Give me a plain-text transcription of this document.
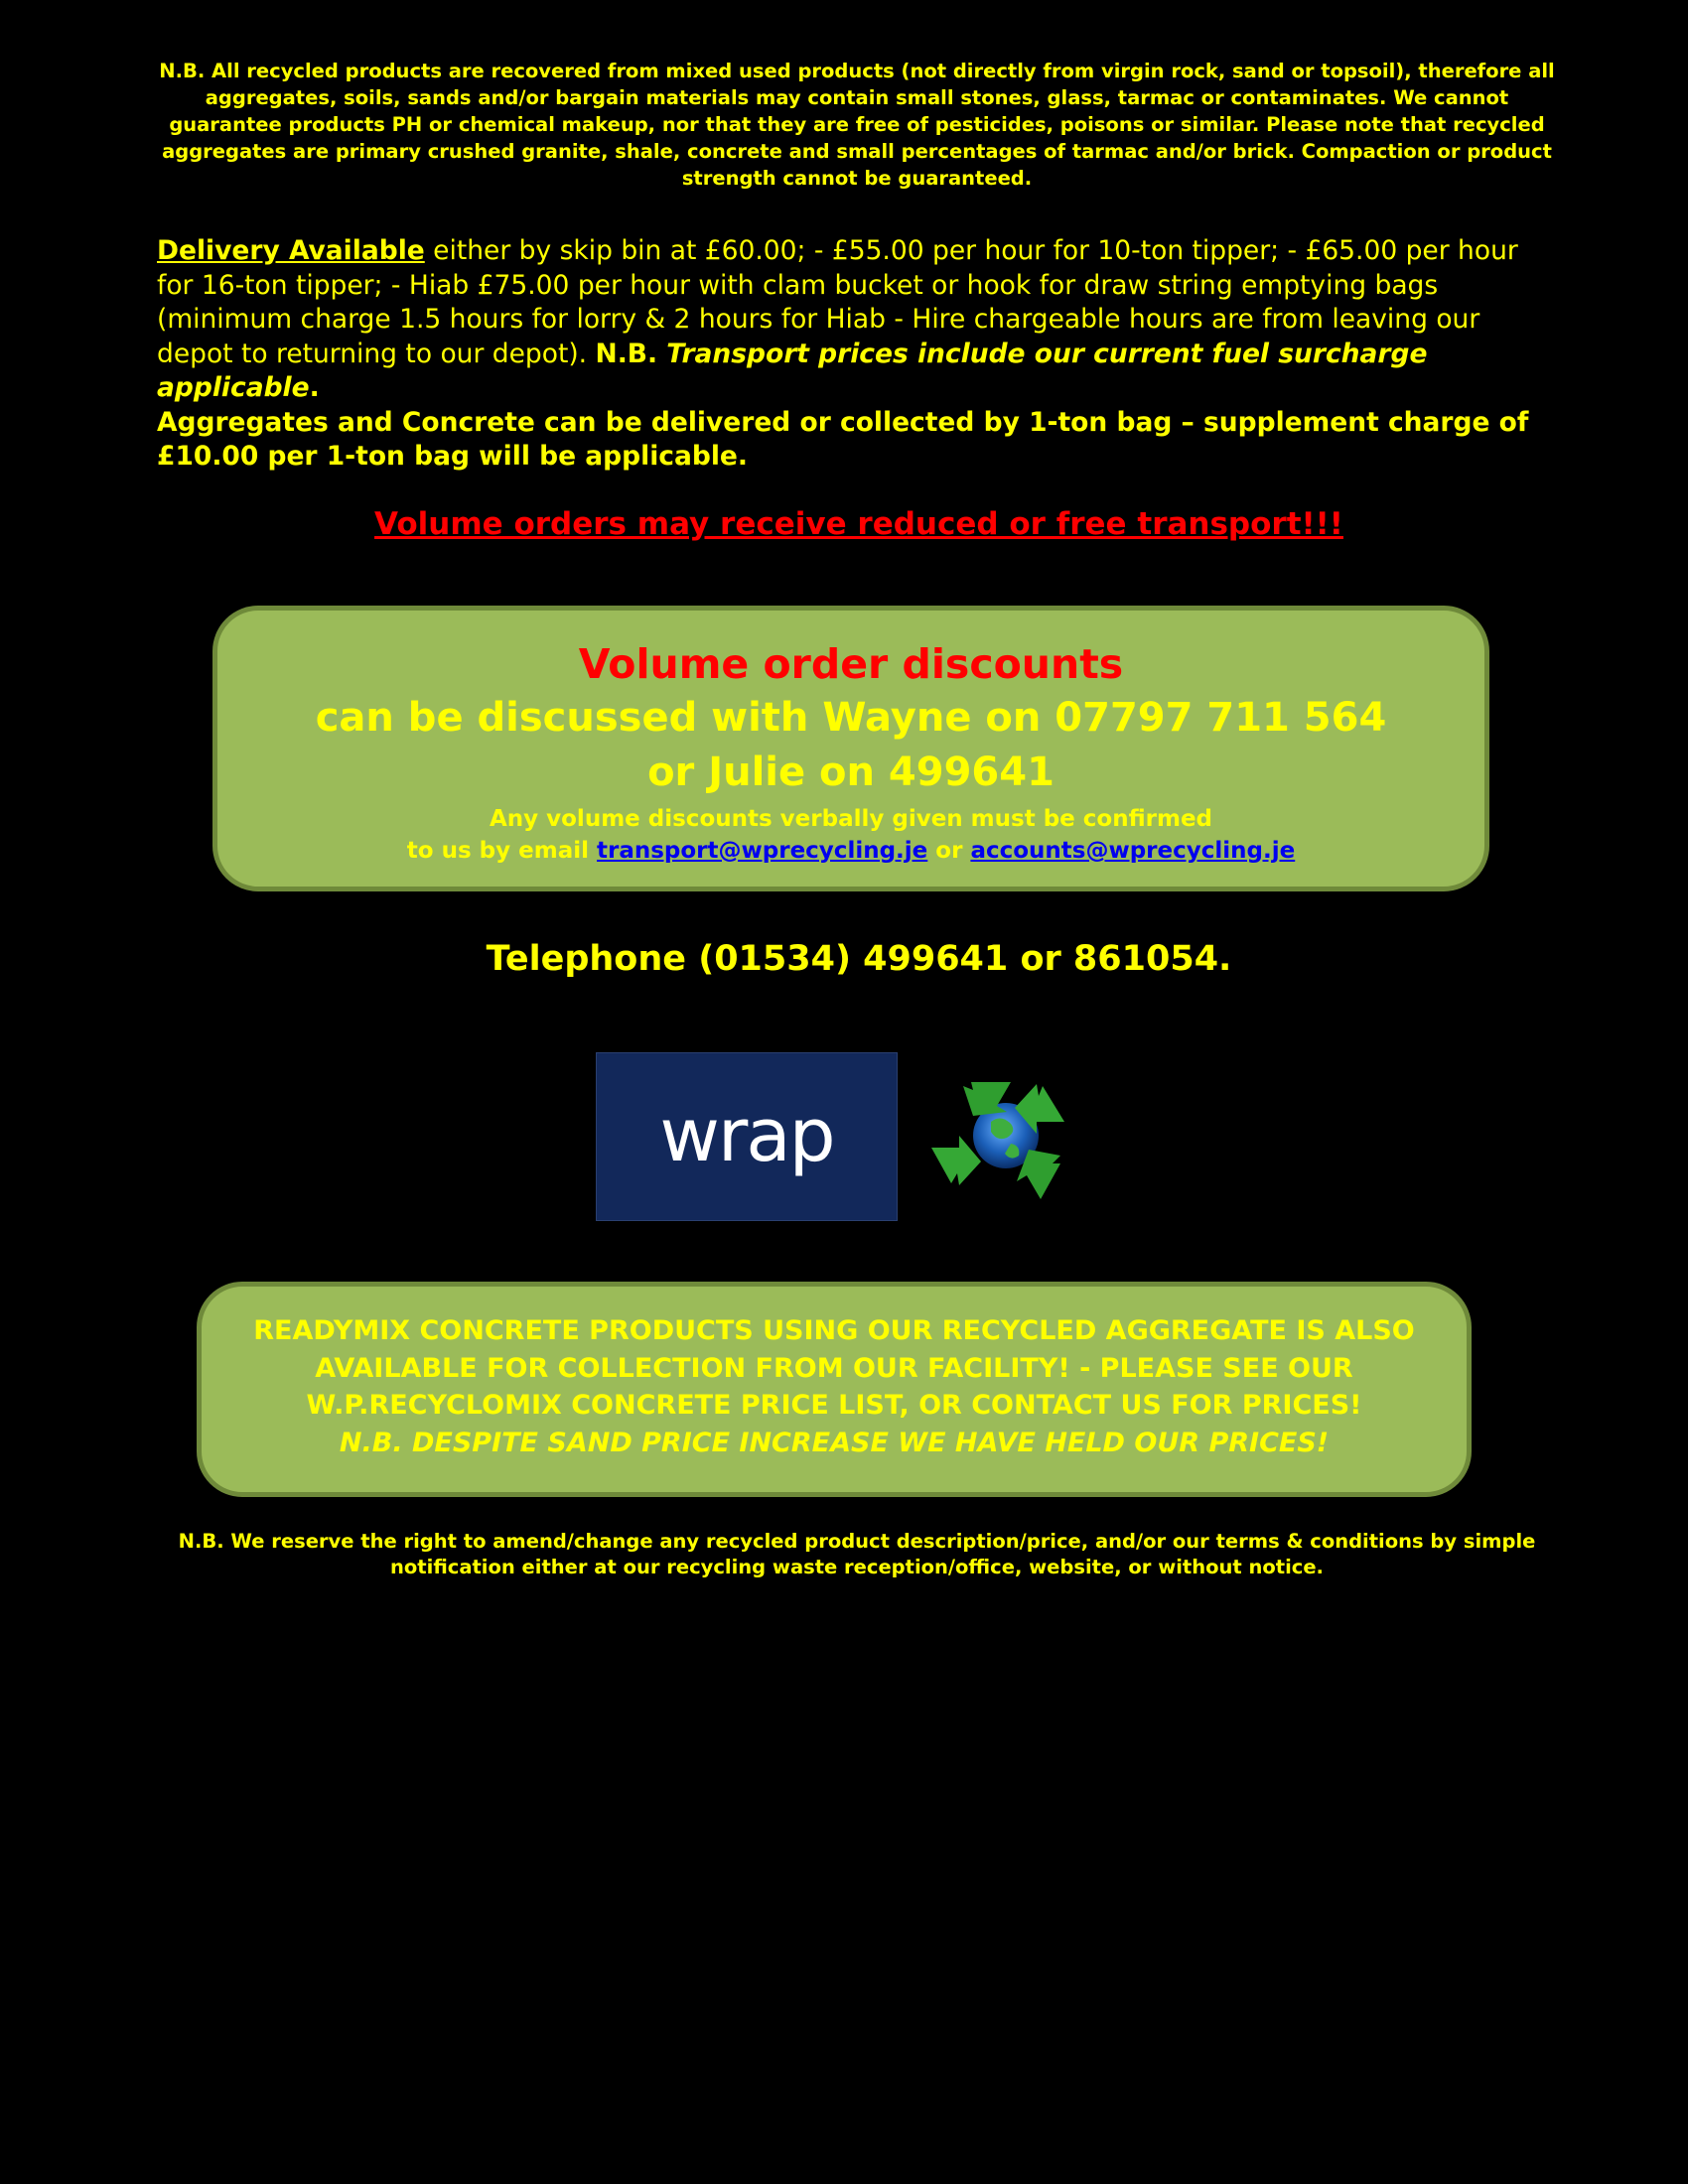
N.B. All recycled products are recovered from mixed used products (not directly from virgin rock, sand or topsoil), therefore all aggregates, soils, sands and/or bargain materials may contain small stones, glass, tarmac or contaminates. We cannot guarantee products PH or chemical makeup, nor that they are free of pesticides, poisons or similar. Please note that recycled aggregates are primary crushed granite, shale, concrete and small percentages of tarmac and/or brick. Compaction or product strength cannot be guaranteed.
Delivery Available either by skip bin at £60.00; - £55.00 per hour for 10-ton tipper; - £65.00 per hour for 16-ton tipper; - Hiab £75.00 per hour with clam bucket or hook for draw string emptying bags (minimum charge 1.5 hours for lorry & 2 hours for Hiab - Hire chargeable hours are from leaving our depot to returning to our depot). N.B. Transport prices include our current fuel surcharge applicable.
Aggregates and Concrete can be delivered or collected by 1-ton bag – supplement charge of £10.00 per 1-ton bag will be applicable.
Volume orders may receive reduced or free transport!!!
Volume order discounts
can be discussed with Wayne on 07797 711 564
or Julie on 499641
Any volume discounts verbally given must be confirmed
to us by email transport@wprecycling.je or accounts@wprecycling.je
Telephone (01534) 499641 or 861054.
wrap
READYMIX CONCRETE PRODUCTS USING OUR RECYCLED AGGREGATE IS ALSO
AVAILABLE FOR COLLECTION FROM OUR FACILITY! - PLEASE SEE OUR
W.P.RECYCLOMIX CONCRETE PRICE LIST, OR CONTACT US FOR PRICES!
N.B. DESPITE SAND PRICE INCREASE WE HAVE HELD OUR PRICES!
N.B. We reserve the right to amend/change any recycled product description/price, and/or our terms & conditions by simple
notification either at our recycling waste reception/office, website, or without notice.
